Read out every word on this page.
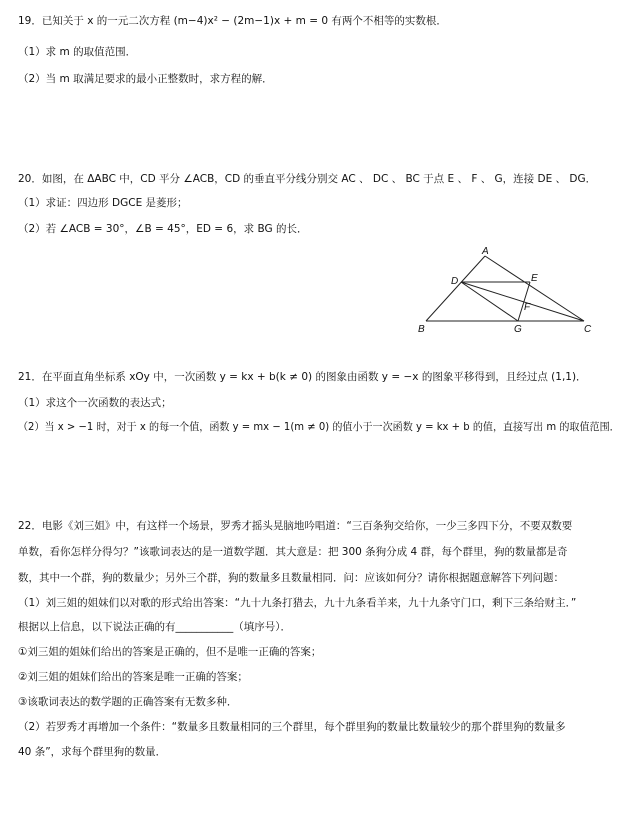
19．已知关于 x 的一元二次方程 (m−4)x² − (2m−1)x + m = 0 有两个不相等的实数根．
（1）求 m 的取值范围．
（2）当 m 取满足要求的最小正整数时，求方程的解．
20．如图，在 ΔABC 中，CD 平分 ∠ACB，CD 的垂直平分线分别交 AC 、 DC 、 BC 于点 E 、 F 、 G，连接 DE 、 DG．
（1）求证：四边形 DGCE 是菱形；
（2）若 ∠ACB = 30°，∠B = 45°，ED = 6，求 BG 的长．
A
D	E
F
B	G	C
21．在平面直角坐标系 xOy 中，一次函数 y = kx + b(k ≠ 0) 的图象由函数 y = −x 的图象平移得到，且经过点 (1,1)．
（1）求这个一次函数的表达式；
（2）当 x > −1 时，对于 x 的每一个值，函数 y = mx − 1(m ≠ 0) 的值小于一次函数 y = kx + b 的值，直接写出 m 的取值范围．
22．电影《刘三姐》中，有这样一个场景，罗秀才摇头晃脑地吟唱道：“三百条狗交给你，一少三多四下分，不要双数要
单数，看你怎样分得匀？”该歌词表达的是一道数学题．其大意是：把 300 条狗分成 4 群，每个群里，狗的数量都是奇
数，其中一个群，狗的数量少；另外三个群，狗的数量多且数量相同．问：应该如何分？请你根据题意解答下列问题：
（1）刘三姐的姐妹们以对歌的形式给出答案：“九十九条打猎去，九十九条看羊来，九十九条守门口，剩下三条给财主．”
根据以上信息，以下说法正确的有___________（填序号）．
①刘三姐的姐妹们给出的答案是正确的，但不是唯一正确的答案；
②刘三姐的姐妹们给出的答案是唯一正确的答案；
③该歌词表达的数学题的正确答案有无数多种．
（2）若罗秀才再增加一个条件：“数量多且数量相同的三个群里，每个群里狗的数量比数量较少的那个群里狗的数量多
40 条”，求每个群里狗的数量．
